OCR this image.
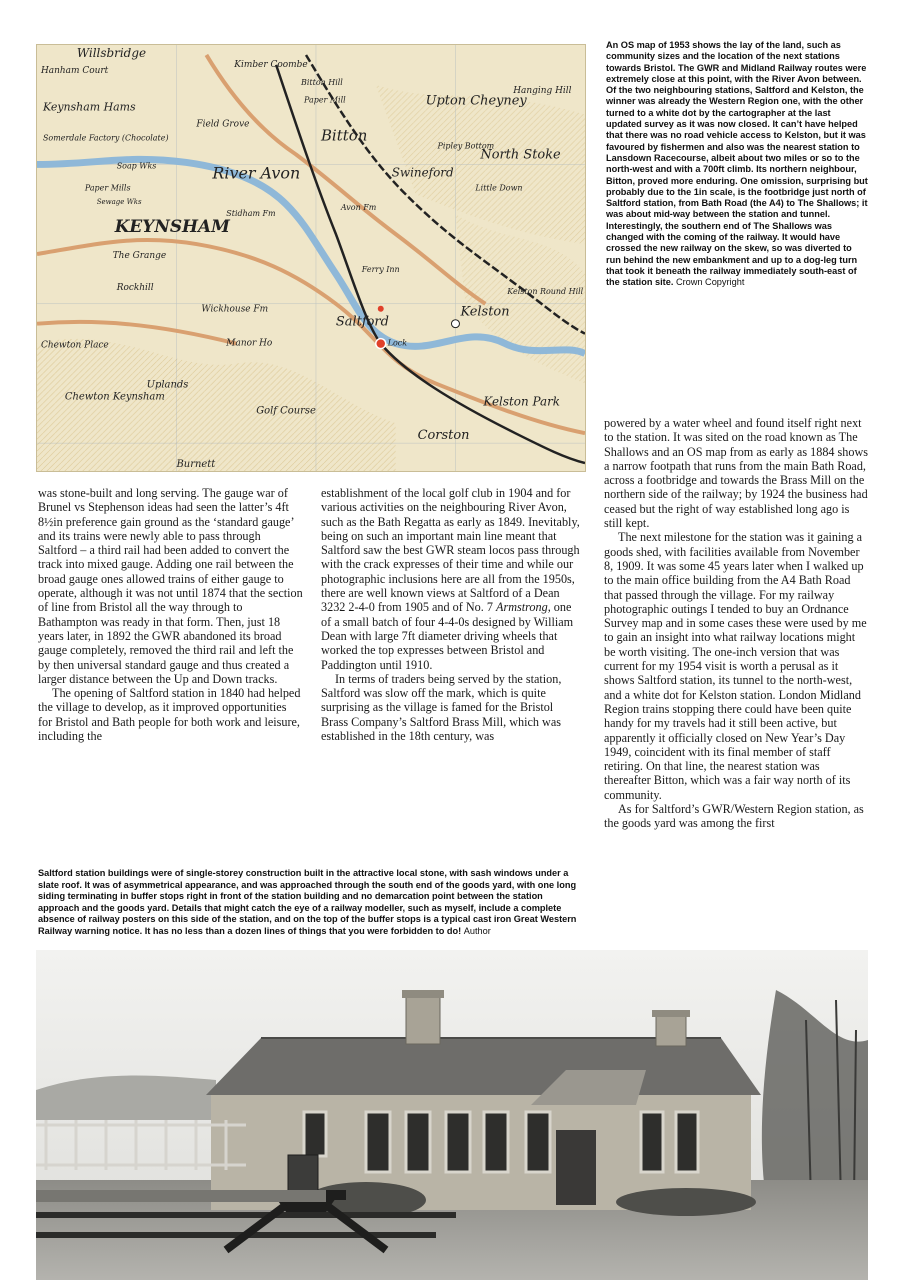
Willsbridge
Hanham Court
Kimber Coombe
Bitton Hill
Paper Mill	Upton Cheyney
Hanging Hill
Keynsham Hams
Somerdale Factory (Chocolate)
Field Grove
Bitton
Pipley Bottom
North Stoke
Soap Wks
Paper Mills
Sewage Wks
Little Down
KEYNSHAM
The Grange
Stidham Fm
Avon Fm
Swineford
Rockhill
Wickhouse Fm
Saltford
Kelston Round Hill
Chewton Place	Manor Ho
Kelston
Chewton Keynsham
Uplands
Golf Course
Kelston Park
Corston
Burnett
River Avon
Lock
Ferry Inn
An OS map of 1953 shows the lay of the land, such as community sizes and the location of the next stations towards Bristol. The GWR and Midland Railway routes were extremely close at this point, with the River Avon between. Of the two neighbouring stations, Saltford and Kelston, the winner was already the Western Region one, with the other turned to a white dot by the cartographer at the last updated survey as it was now closed. It can’t have helped that there was no road vehicle access to Kelston, but it was favoured by fishermen and also was the nearest station to Lansdown Racecourse, albeit about two miles or so to the north-west and with a 700ft climb. Its northern neighbour, Bitton, proved more enduring. One omission, surprising but probably due to the 1in scale, is the footbridge just north of Saltford station, from Bath Road (the A4) to The Shallows; it was about mid-way between the station and tunnel. Interestingly, the southern end of The Shallows was changed with the coming of the railway. It would have crossed the new railway on the skew, so was diverted to run behind the new embankment and up to a dog-leg turn that took it beneath the railway immediately south-east of the station site. Crown Copyright

was stone-built and long serving. The gauge war of Brunel vs Stephenson ideas had seen the latter’s 4ft 8½in preference gain ground as the ‘standard gauge’ and its trains were newly able to pass through Saltford – a third rail had been added to convert the track into mixed gauge. Adding one rail between the broad gauge ones allowed trains of either gauge to operate, although it was not until 1874 that the section of line from Bristol all the way through to Bathampton was ready in that form. Then, just 18 years later, in 1892 the GWR abandoned its broad gauge completely, removed the third rail and left the by then universal standard gauge and thus created a larger distance between the Up and Down tracks.

The opening of Saltford station in 1840 had helped the village to develop, as it improved opportunities for Bristol and Bath people for both work and leisure, including the

establishment of the local golf club in 1904 and for various activities on the neighbouring River Avon, such as the Bath Regatta as early as 1849. Inevitably, being on such an important main line meant that Saltford saw the best GWR steam locos pass through with the crack expresses of their time and while our photographic inclusions here are all from the 1950s, there are well known views at Saltford of a Dean 3232 2-4-0 from 1905 and of No. 7 Armstrong, one of a small batch of four 4-4-0s designed by William Dean with large 7ft diameter driving wheels that worked the top expresses between Bristol and Paddington until 1910.

In terms of traders being served by the station, Saltford was slow off the mark, which is quite surprising as the village is famed for the Bristol Brass Company’s Saltford Brass Mill, which was established in the 18th century, was

powered by a water wheel and found itself right next to the station. It was sited on the road known as The Shallows and an OS map from as early as 1884 shows a narrow footpath that runs from the main Bath Road, across a footbridge and towards the Brass Mill on the northern side of the railway; by 1924 the business had ceased but the right of way established long ago is still kept.

The next milestone for the station was it gaining a goods shed, with facilities available from November 8, 1909. It was some 45 years later when I walked up to the main office building from the A4 Bath Road that passed through the village. For my railway photographic outings I tended to buy an Ordnance Survey map and in some cases these were used by me to gain an insight into what railway locations might be worth visiting. The one-inch version that was current for my 1954 visit is worth a perusal as it shows Saltford station, its tunnel to the north-west, and a white dot for Kelston station. London Midland Region trains stopping there could have been quite handy for my travels had it still been active, but apparently it officially closed on New Year’s Day 1949, coincident with its final member of staff retiring. On that line, the nearest station was thereafter Bitton, which was a fair way north of its community.

As for Saltford’s GWR/Western Region station, as the goods yard was among the first

Saltford station buildings were of single-storey construction built in the attractive local stone, with sash windows under a slate roof. It was of asymmetrical appearance, and was approached through the south end of the goods yard, with one long siding terminating in buffer stops right in front of the station building and no demarcation point between the station approach and the goods yard. Details that might catch the eye of a railway modeller, such as myself, include a complete absence of railway posters on this side of the station, and on the top of the buffer stops is a typical cast iron Great Western Railway warning notice. It has no less than a dozen lines of things that you were forbidden to do! Author
